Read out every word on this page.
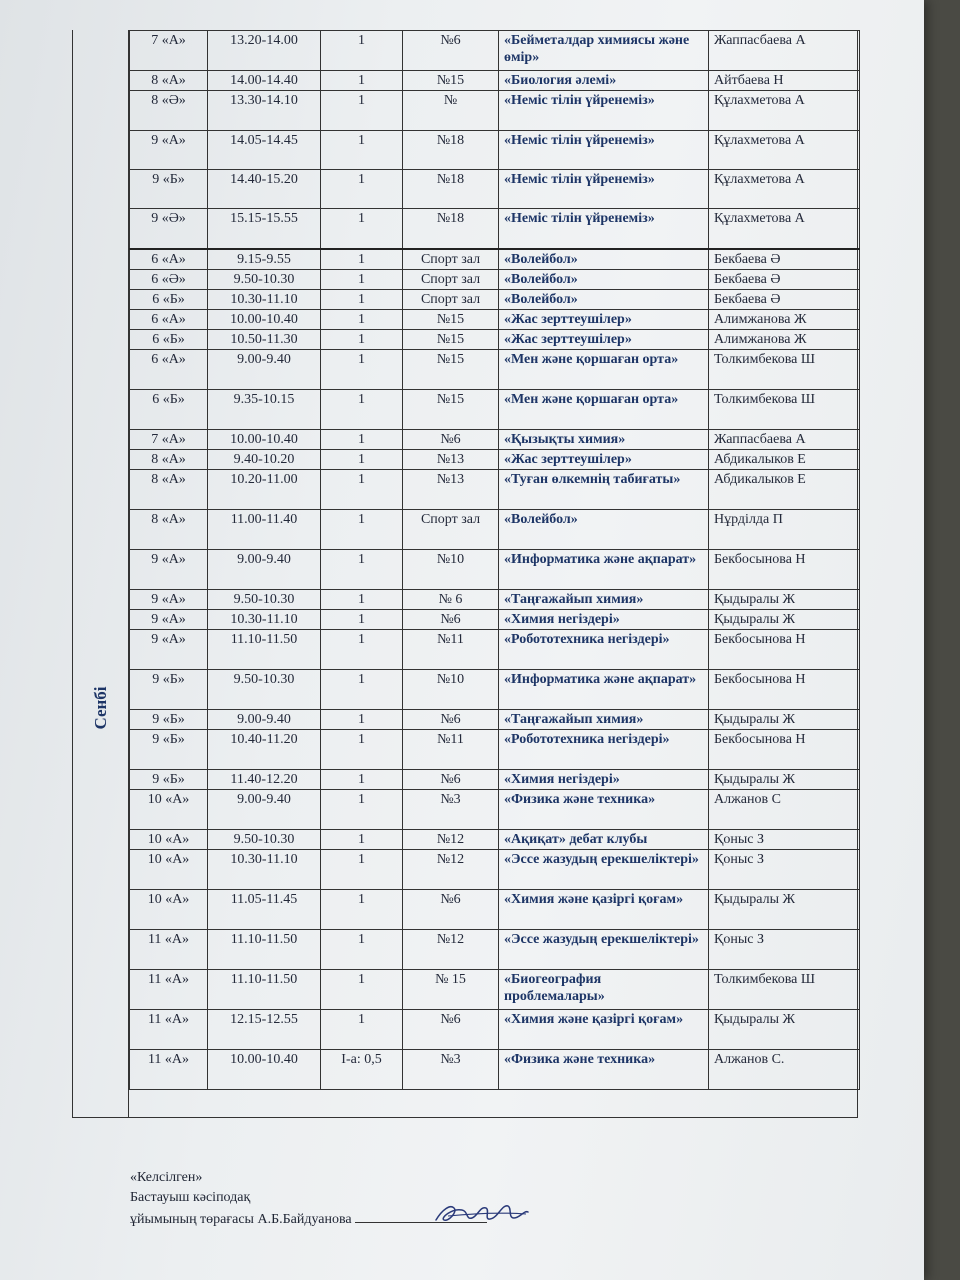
Сенбі
7 «А»	13.20-14.00	1	№6	«Бейметалдар химиясы және өмір»	Жаппасбаева А
8 «А»	14.00-14.40	1	№15	«Биология әлемі»	Айтбаева Н
8 «Ә»	13.30-14.10	1	№	«Неміс тілін үйренеміз»	Құлахметова А
9 «А»	14.05-14.45	1	№18	«Неміс тілін үйренеміз»	Құлахметова А
9 «Б»	14.40-15.20	1	№18	«Неміс тілін үйренеміз»	Құлахметова А
9 «Ә»	15.15-15.55	1	№18	«Неміс тілін үйренеміз»	Құлахметова А
6 «А»	9.15-9.55	1	Спорт зал	«Волейбол»	Бекбаева Ә
6 «Ә»	9.50-10.30	1	Спорт зал	«Волейбол»	Бекбаева Ә
6 «Б»	10.30-11.10	1	Спорт зал	«Волейбол»	Бекбаева Ә
6 «А»	10.00-10.40	1	№15	«Жас зерттеушілер»	Алимжанова Ж
6 «Б»	10.50-11.30	1	№15	«Жас зерттеушілер»	Алимжанова Ж
6 «А»	9.00-9.40	1	№15	«Мен және қоршаған орта»	Толкимбекова Ш
6 «Б»	9.35-10.15	1	№15	«Мен және қоршаған орта»	Толкимбекова Ш
7 «А»	10.00-10.40	1	№6	«Қызықты химия»	Жаппасбаева А
8 «А»	9.40-10.20	1	№13	«Жас зерттеушілер»	Абдикалыков Е
8 «А»	10.20-11.00	1	№13	«Туған өлкемнің табиғаты»	Абдикалыков Е
8 «А»	11.00-11.40	1	Спорт зал	«Волейбол»	Нұрділда П
9 «А»	9.00-9.40	1	№10	«Информатика және ақпарат»	Бекбосынова Н
9 «А»	9.50-10.30	1	№ 6	«Таңғажайып химия»	Қыдыралы Ж
9 «А»	10.30-11.10	1	№6	«Химия негіздері»	Қыдыралы Ж
9 «А»	11.10-11.50	1	№11	«Робототехника негіздері»	Бекбосынова Н
9 «Б»	9.50-10.30	1	№10	«Информатика және ақпарат»	Бекбосынова Н
9 «Б»	9.00-9.40	1	№6	«Таңғажайып химия»	Қыдыралы Ж
9 «Б»	10.40-11.20	1	№11	«Робототехника негіздері»	Бекбосынова Н
9 «Б»	11.40-12.20	1	№6	«Химия негіздері»	Қыдыралы Ж
10 «А»	9.00-9.40	1	№3	«Физика және техника»	Алжанов С
10 «А»	9.50-10.30	1	№12	«Ақиқат» дебат клубы	Қоныс З
10 «А»	10.30-11.10	1	№12	«Эссе жазудың ерекшеліктері»	Қоныс З
10 «А»	11.05-11.45	1	№6	«Химия және қазіргі қоғам»	Қыдыралы Ж
11 «А»	11.10-11.50	1	№12	«Эссе жазудың ерекшеліктері»	Қоныс З
11 «А»	11.10-11.50	1	№ 15	«Биогеография проблемалары»	Толкимбекова Ш
11 «А»	12.15-12.55	1	№6	«Химия және қазіргі қоғам»	Қыдыралы Ж
11 «А»	10.00-10.40	I-а: 0,5	№3	«Физика және техника»	Алжанов С.
«Келсілген»
Бастауыш кәсіподақ
ұйымының төрағасы А.Б.Байдуанова
